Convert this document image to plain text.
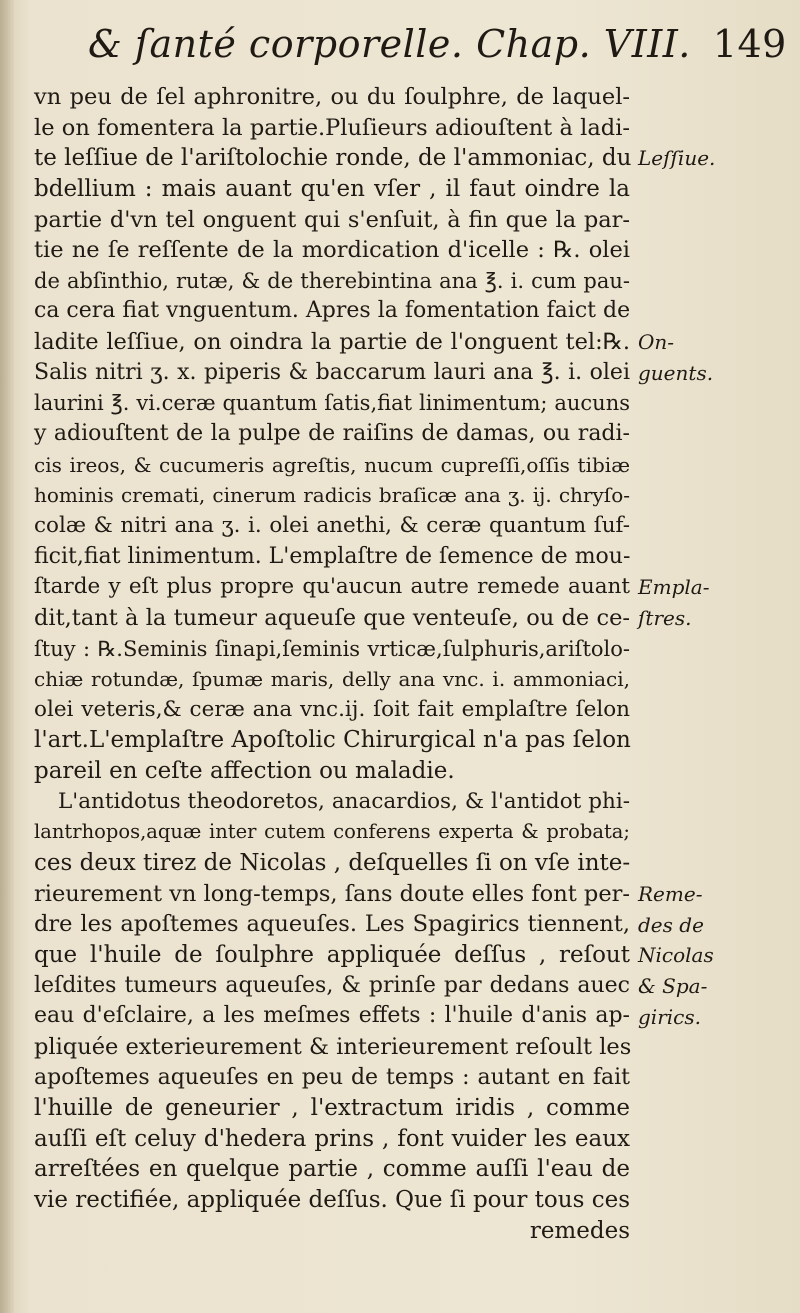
& ſanté corporelle. Chap. VIII. 149
vn peu de ſel aphronitre, ou du ſoulphre, de laquel-
le on fomentera la partie.Pluſieurs adiouſtent à ladi-
te leſſiue de l'ariſtolochie ronde, de l'ammoniac, du
bdellium : mais auant qu'en vſer , il faut oindre la
partie d'vn tel onguent qui s'enſuit, à fin que la par-
tie ne ſe reſſente de la mordication d'icelle : ℞. olei
de abſinthio, rutæ, & de therebintina ana ℥. i. cum pau-
ca cera fiat vnguentum. Apres la fomentation faict de
ladite leſſiue, on oindra la partie de l'onguent tel:℞.
Salis nitri ʒ. x. piperis & baccarum lauri ana ℥. i. olei
laurini ℥. vi.ceræ quantum ſatis,fiat linimentum; aucuns
y adiouſtent de la pulpe de raiſins de damas, ou radi-
cis ireos, & cucumeris agreſtis, nucum cupreſſi,oſſis tibiæ
hominis cremati, cinerum radicis braſicæ ana ʒ. ij. chryſo-
colæ & nitri ana ʒ. i. olei anethi, & ceræ quantum ſuf-
ficit,fiat linimentum. L'emplaſtre de ſemence de mou-
ſtarde y eſt plus propre qu'aucun autre remede auant
dit,tant à la tumeur aqueuſe que venteuſe, ou de ce-
ſtuy : ℞.Seminis ſinapi,ſeminis vrticæ,ſulphuris,ariſtolo-
chiæ rotundæ, ſpumæ maris, delly ana vnc. i. ammoniaci,
olei veteris,& ceræ ana vnc.ij. ſoit fait emplaſtre ſelon
l'art.L'emplaſtre Apoſtolic Chirurgical n'a pas ſelon
pareil en ceſte affection ou maladie.
L'antidotus theodoretos, anacardios, & l'antidot phi-
lantrhopos,aquæ inter cutem conferens experta & probata;
ces deux tirez de Nicolas , deſquelles ſi on vſe inte-
rieurement vn long-temps, ſans doute elles font per-
dre les apoſtemes aqueuſes. Les Spagirics tiennent,
que l'huile de ſoulphre appliquée deſſus , reſout
leſdites tumeurs aqueuſes, & prinſe par dedans auec
eau d'eſclaire, a les meſmes effets : l'huile d'anis ap-
pliquée exterieurement & interieurement reſoult les
apoſtemes aqueuſes en peu de temps : autant en fait
l'huille de geneurier , l'extractum iridis , comme
auſſi eſt celuy d'hedera prins , font vuider les eaux
arreſtées en quelque partie , comme auſſi l'eau de
vie rectifiée, appliquée deſſus. Que ſi pour tous ces
remedes
Leſſiue.
On-
guents.
Empla-
ſtres.
Reme-
des de
Nicolas
& Spa-
girics.
